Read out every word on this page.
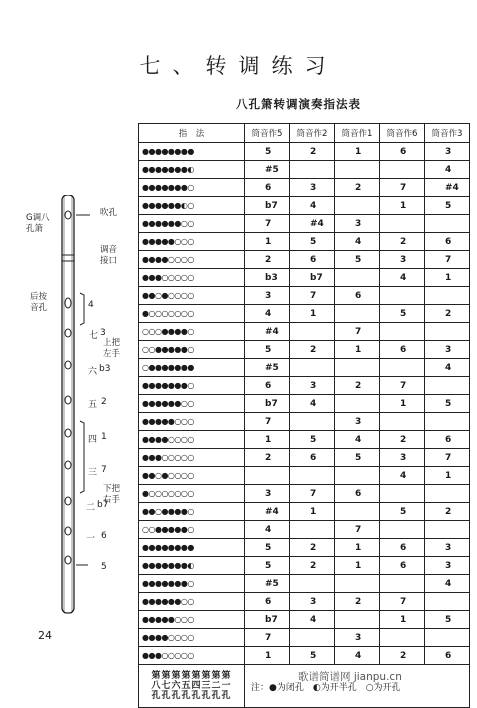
七、转调练习
八孔箫转调演奏指法表
G调八孔箫
吹孔
调音接口
后按音孔
上把左手
下把右手
4
七 3
六 b3
五 2
四 1
三 7
二 b7
一 6
5
指　法	筒音作5	筒音作2	筒音作1	筒音作6	筒音作3
●●●●●●●●	5	2	1	6	3
●●●●●●●◐	#5				4
●●●●●●●○	6	3	2	7	#4
●●●●●●◐○	b7	4		1	5
●●●●●●○○	7	#4	3		
●●●●●○○○	1	5	4	2	6
●●●●○○○○	2	6	5	3	7
●●●○○○○○	b3	b7		4	1
●●○●○○○○	3	7	6		
●○○○○○○○	4	1		5	2
○○○●●●●○	#4		7		
○○●●●●●○	5	2	1	6	3
○●●●●●●●	#5				4
●●●●●●●○	6	3	2	7	
●●●●●●○○	b7	4		1	5
●●●●●○○○	7		3		
●●●●○○○○	1	5	4	2	6
●●●○○○○○	2	6	5	3	7
●●○●○○○○				4	1
●○○○○○○○	3	7	6		
●●○●●●●○	#4	1		5	2
○○●●●●●○	4		7		
●●●●●●●●	5	2	1	6	3
●●●●●●●◐	5	2	1	6	3
●●●●●●●○	#5				4
●●●●●●○○	6	3	2	7	
●●●●●○○○	b7	4		1	5
●●●●○○○○	7		3		
●●●○○○○○	1	5	4	2	6

第第第第第第第第
八七六五四三二一
孔孔孔孔孔孔孔孔	注：●为闭孔　◐为开半孔　○为开孔				
24
歌谱简谱网 jianpu.cn
